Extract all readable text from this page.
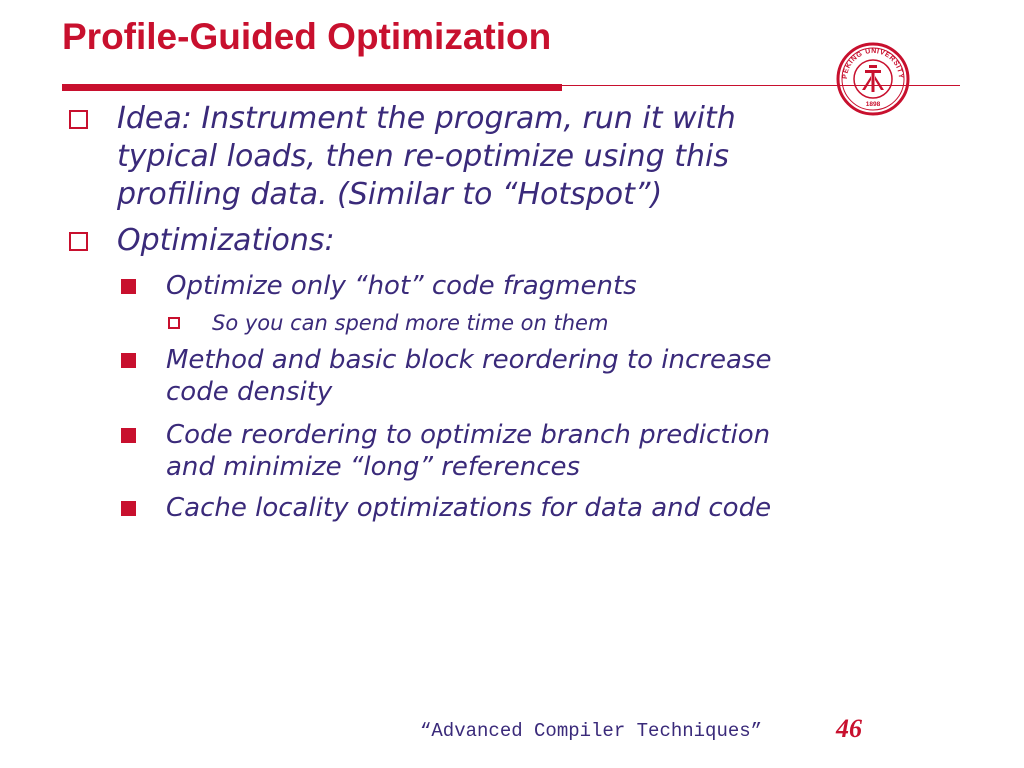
Profile-Guided Optimization
PEKING UNIVERSITY
1898
Idea: Instrument the program, run it with
typical loads, then re-optimize using this
profiling data. (Similar to “Hotspot”)
Optimizations:
Optimize only “hot” code fragments
So you can spend more time on them
Method and basic block reordering to increase
code density
Code reordering to optimize branch prediction
and minimize “long” references
Cache locality optimizations for data and code
“Advanced Compiler Techniques”	46
